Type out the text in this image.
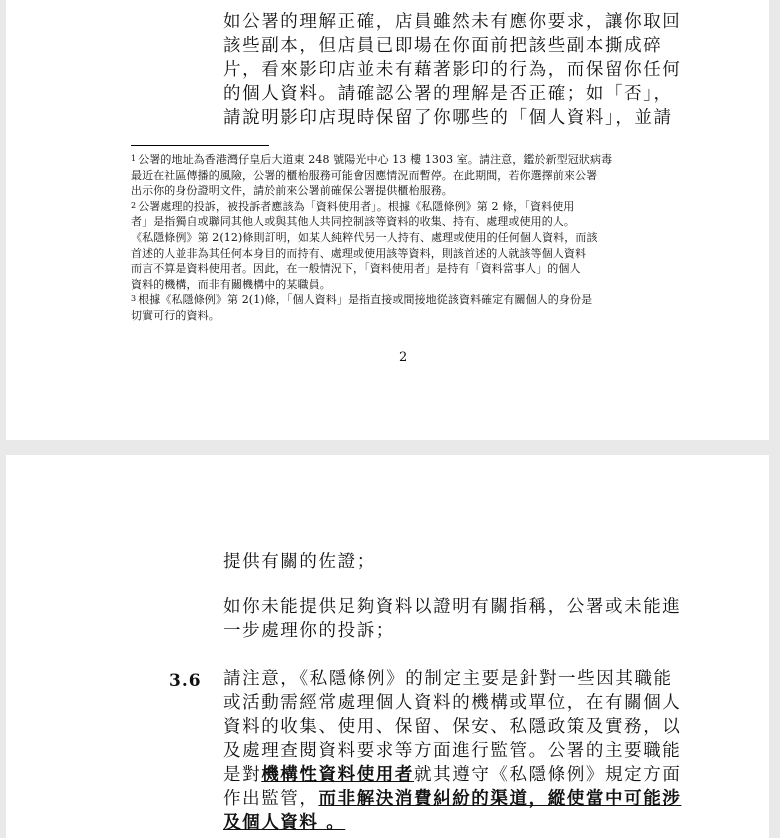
如公署的理解正確，店員雖然未有應你要求，讓你取回
該些副本，但店員已即場在你面前把該些副本撕成碎
片，看來影印店並未有藉著影印的行為，而保留你任何
的個人資料。請確認公署的理解是否正確；如「否」，
請說明影印店現時保留了你哪些的「個人資料」，並請
$^1$ 公署的地址為香港灣仔皇后大道東 248 號陽光中心 13 樓 1303 室。請注意，鑑於新型冠狀病毒
最近在社區傳播的風險，公署的櫃枱服務可能會因應情況而暫停。在此期間，若你選擇前來公署
出示你的身份證明文件，請於前來公署前確保公署提供櫃枱服務。
$^2$ 公署處理的投訴，被投訴者應該為「資料使用者」。根據《私隱條例》第 2 條，「資料使用
者」是指獨自或聯同其他人或與其他人共同控制該等資料的收集、持有、處理或使用的人。
《私隱條例》第 2(12)條則訂明，如某人純粹代另一人持有、處理或使用的任何個人資料，而該
首述的人並非為其任何本身目的而持有、處理或使用該等資料，則該首述的人就該等個人資料
而言不算是資料使用者。因此，在一般情況下，「資料使用者」是持有「資料當事人」的個人
資料的機構，而非有關機構中的某職員。
$^3$ 根據《私隱條例》第 2(1)條，「個人資料」是指直接或間接地從該資料確定有關個人的身份是
切實可行的資料。
2
提供有關的佐證；
如你未能提供足夠資料以證明有關指稱，公署或未能進
一步處理你的投訴；
3.6 請注意，《私隱條例》的制定主要是針對一些因其職能
或活動需經常處理個人資料的機構或單位，在有關個人
資料的收集、使用、保留、保安、私隱政策及實務，以
及處理查閱資料要求等方面進行監管。公署的主要職能
是對機構性資料使用者就其遵守《私隱條例》規定方面
作出監管，而非解決消費糾紛的渠道，縱使當中可能涉
及個人資料 。
